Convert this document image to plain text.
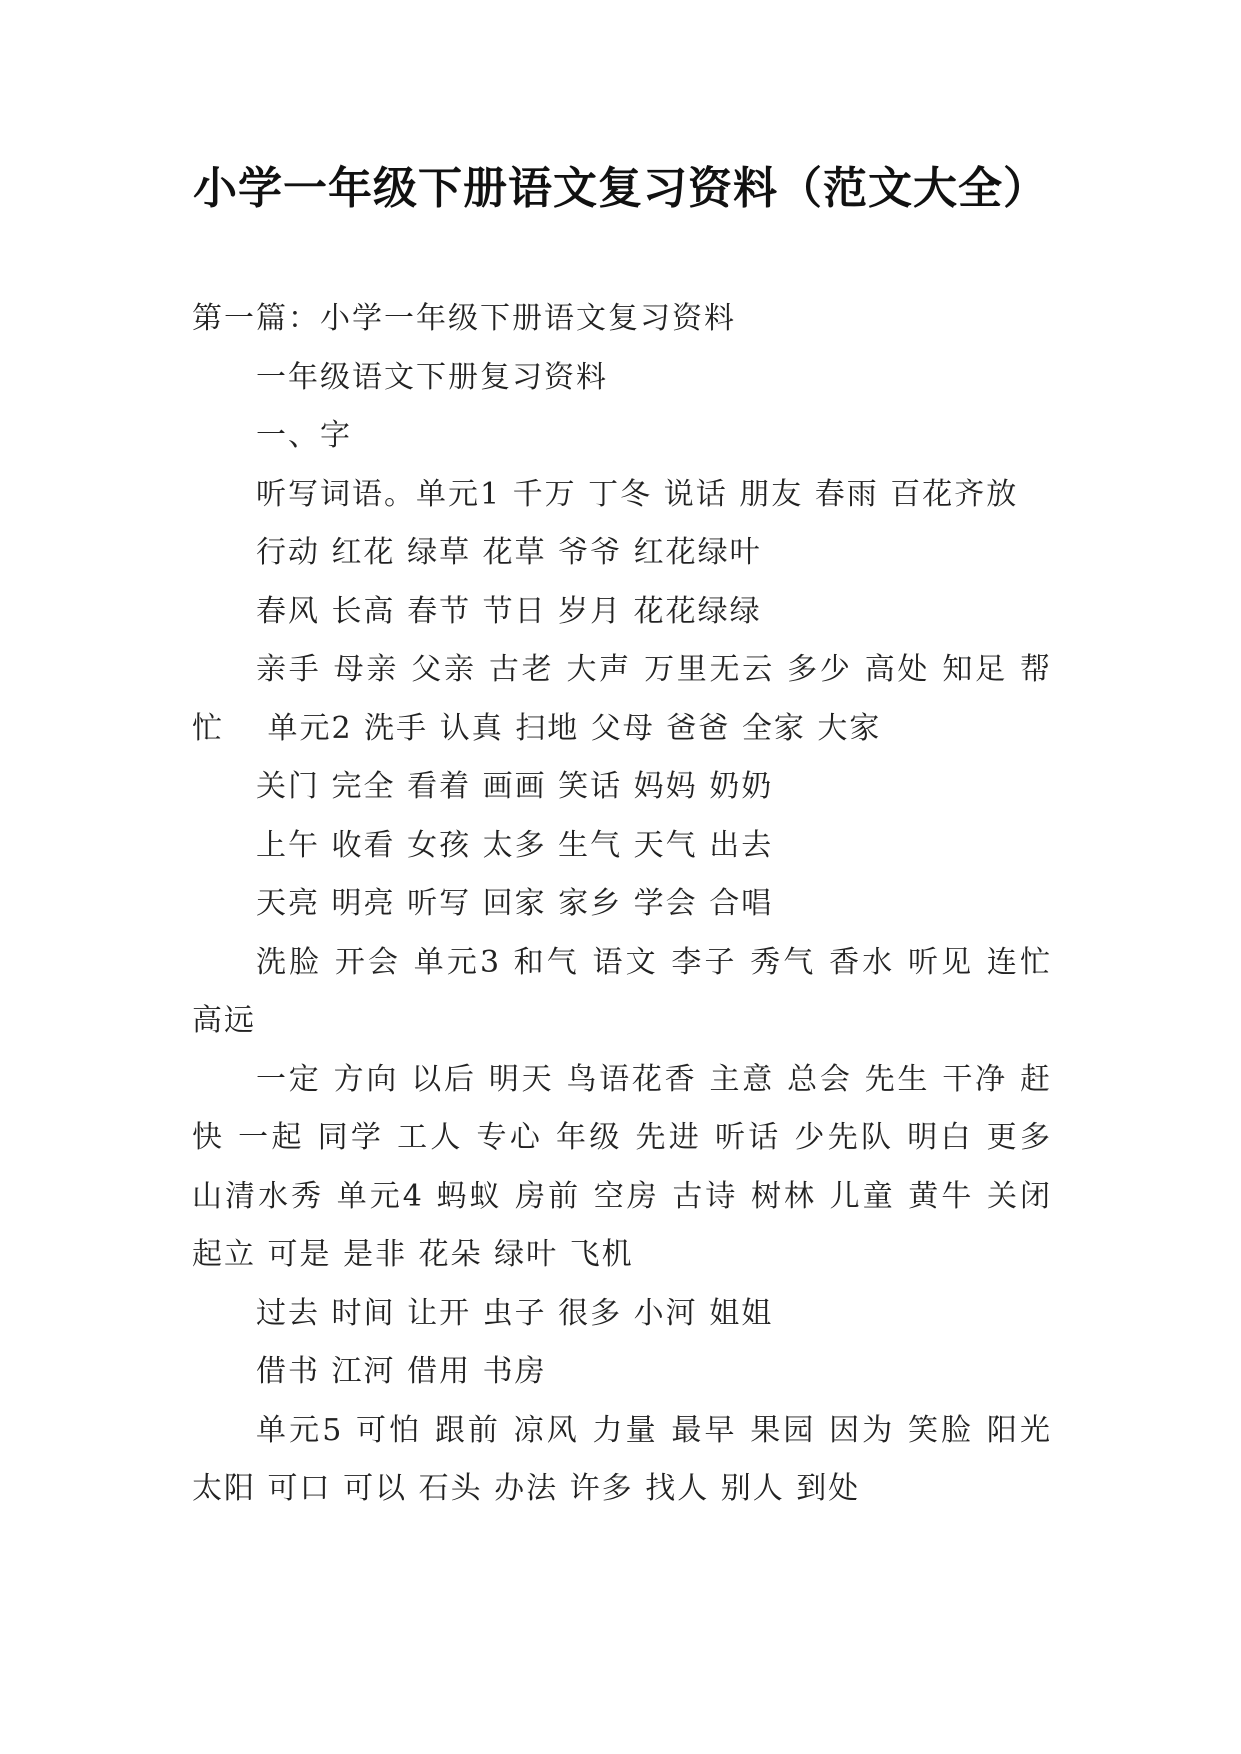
小学一年级下册语文复习资料（范文大全）

第一篇：小学一年级下册语文复习资料

一年级语文下册复习资料

一、字

听写词语。单元1 千万 丁冬 说话 朋友 春雨 百花齐放

行动 红花 绿草 花草 爷爷 红花绿叶

春风 长高 春节 节日 岁月 花花绿绿

亲手 母亲 父亲 古老 大声 万里无云 多少 高处 知足 帮忙　 单元2 洗手 认真 扫地 父母 爸爸 全家 大家

关门 完全 看着 画画 笑话 妈妈 奶奶

上午 收看 女孩 太多 生气 天气 出去

天亮 明亮 听写 回家 家乡 学会 合唱

洗脸 开会 单元3 和气 语文 李子 秀气 香水 听见 连忙 高远

一定 方向 以后 明天 鸟语花香 主意 总会 先生 干净 赶快 一起 同学 工人 专心 年级 先进 听话 少先队 明白 更多 山清水秀 单元4 蚂蚁 房前 空房 古诗 树林 儿童 黄牛 关闭 起立 可是 是非 花朵 绿叶 飞机

过去 时间 让开 虫子 很多 小河 姐姐

借书 江河 借用 书房

单元5 可怕 跟前 凉风 力量 最早 果园 因为 笑脸 阳光 太阳 可口 可以 石头 办法 许多 找人 别人 到处
